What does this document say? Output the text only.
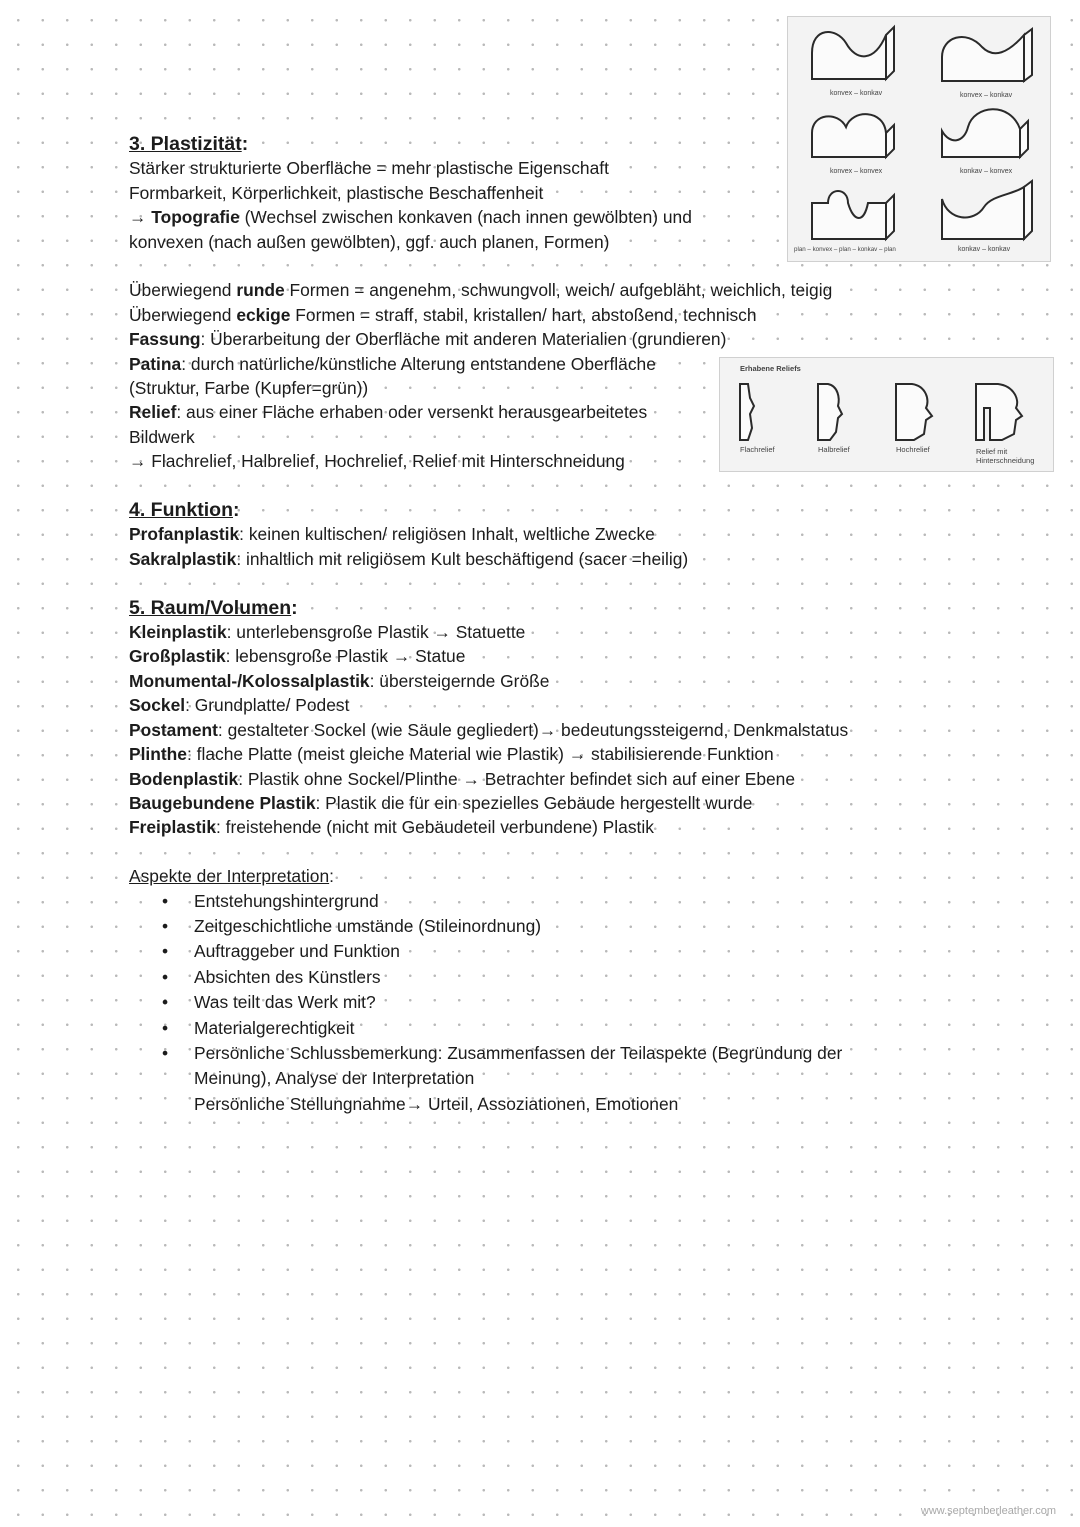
konvex – konkav	konvex – konkav
konvex – konvex	konkav – konvex
plan – konvex – plan – konkav – plan	konkav – konkav
Erhabene Reliefs
Flachrelief	Halbrelief	Hochrelief	Relief mit
Hinterschneidung
3. Plastizität:

Stärker strukturierte Oberfläche = mehr plastische Eigenschaft

Formbarkeit, Körperlichkeit, plastische Beschaffenheit

→ Topografie (Wechsel zwischen konkaven (nach innen gewölbten) und

konvexen (nach außen gewölbten), ggf. auch planen, Formen)

Überwiegend runde Formen = angenehm, schwungvoll, weich/ aufgebläht, weichlich, teigig

Überwiegend eckige Formen = straff, stabil, kristallen/ hart, abstoßend, technisch

Fassung: Überarbeitung der Oberfläche mit anderen Materialien (grundieren)

Patina: durch natürliche/künstliche Alterung entstandene Oberfläche

(Struktur, Farbe (Kupfer=grün))

Relief: aus einer Fläche erhaben oder versenkt herausgearbeitetes

Bildwerk

→ Flachrelief, Halbrelief, Hochrelief, Relief mit Hinterschneidung

4. Funktion:

Profanplastik: keinen kultischen/ religiösen Inhalt, weltliche Zwecke

Sakralplastik: inhaltlich mit religiösem Kult beschäftigend (sacer =heilig)

5. Raum/Volumen:

Kleinplastik: unterlebensgroße Plastik → Statuette

Großplastik: lebensgroße Plastik → Statue

Monumental-/Kolossalplastik: übersteigernde Größe

Sockel: Grundplatte/ Podest

Postament: gestalteter Sockel (wie Säule gegliedert)→ bedeutungssteigernd, Denkmalstatus

Plinthe: flache Platte (meist gleiche Material wie Plastik) → stabilisierende Funktion

Bodenplastik: Plastik ohne Sockel/Plinthe → Betrachter befindet sich auf einer Ebene

Baugebundene Plastik: Plastik die für ein spezielles Gebäude hergestellt wurde

Freiplastik: freistehende (nicht mit Gebäudeteil verbundene) Plastik

Aspekte der Interpretation:

• Entstehungshintergrund
• Zeitgeschichtliche umstände (Stileinordnung)
• Auftraggeber und Funktion
• Absichten des Künstlers
• Was teilt das Werk mit?
• Materialgerechtigkeit
• Persönliche Schlussbemerkung: Zusammenfassen der Teilaspekte (Begründung der
Meinung), Analyse der Interpretation
Persönliche Stellungnahme→ Urteil, Assoziationen, Emotionen
www.septemberleather.com
